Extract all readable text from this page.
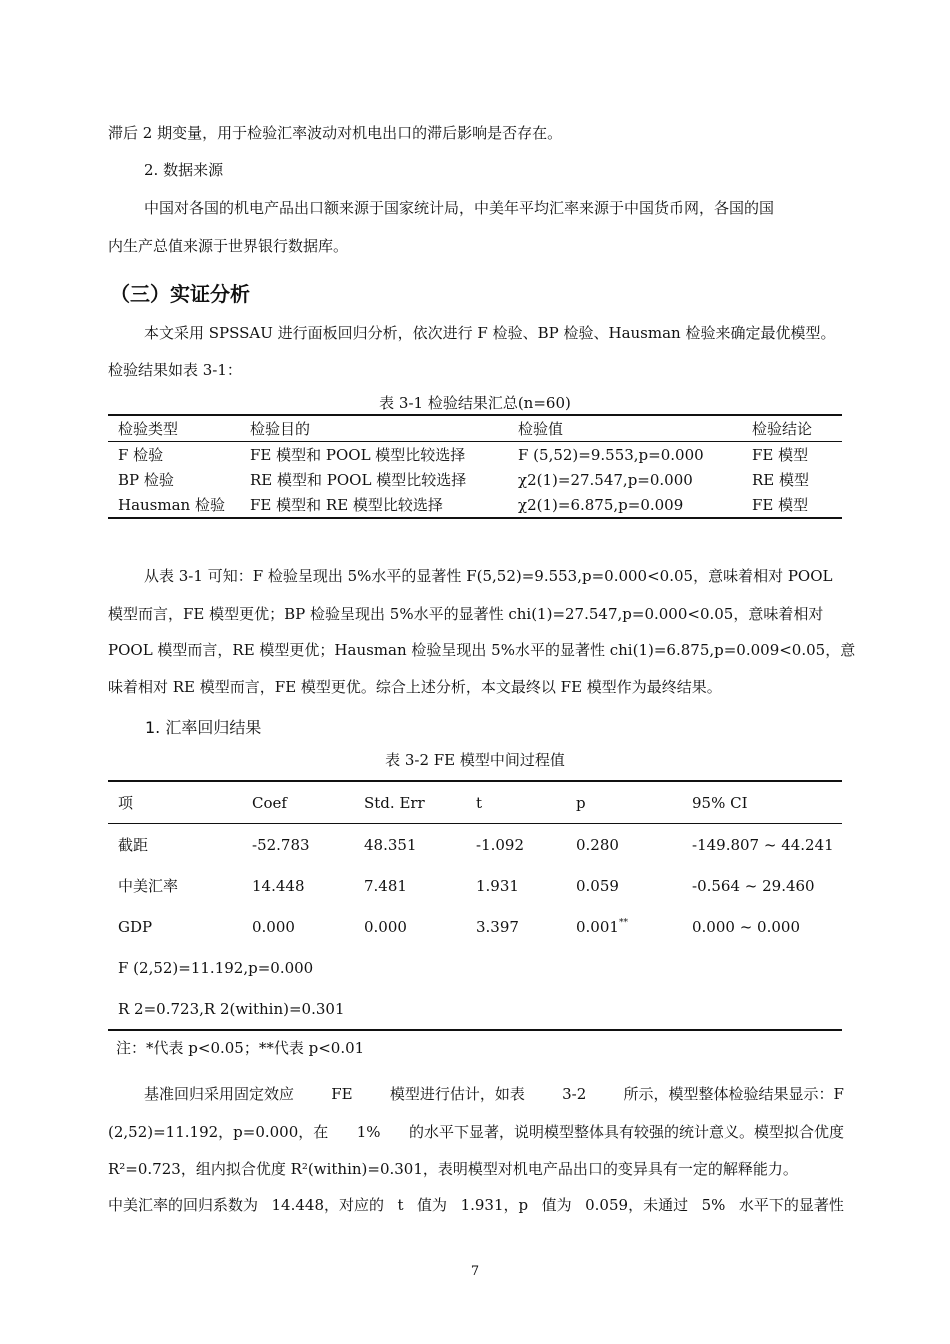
滞后 2 期变量，用于检验汇率波动对机电出口的滞后影响是否存在。
2. 数据来源
中国对各国的机电产品出口额来源于国家统计局，中美年平均汇率来源于中国货币网，各国的国
内生产总值来源于世界银行数据库。
（三）实证分析
本文采用 SPSSAU 进行面板回归分析，依次进行 F 检验、BP 检验、Hausman 检验来确定最优模型。
检验结果如表 3-1：
表 3-1 检验结果汇总(n=60)
检验类型	检验目的	检验值	检验结论
F 检验	FE 模型和 POOL 模型比较选择	F (5,52)=9.553,p=0.000	FE 模型
BP 检验	RE 模型和 POOL 模型比较选择	χ2(1)=27.547,p=0.000	RE 模型
Hausman 检验	FE 模型和 RE 模型比较选择	χ2(1)=6.875,p=0.009	FE 模型
从表 3-1 可知：F 检验呈现出 5%水平的显著性 F(5,52)=9.553,p=0.000<0.05，意味着相对 POOL
模型而言，FE 模型更优；BP 检验呈现出 5%水平的显著性 chi(1)=27.547,p=0.000<0.05，意味着相对
POOL 模型而言，RE 模型更优；Hausman 检验呈现出 5%水平的显著性 chi(1)=6.875,p=0.009<0.05，意
味着相对 RE 模型而言，FE 模型更优。综合上述分析，本文最终以 FE 模型作为最终结果。
1. 汇率回归结果
表 3-2 FE 模型中间过程值
项	Coef	Std. Err	t	p	95% CI
截距	-52.783	48.351	-1.092	0.280	-149.807 ~ 44.241
中美汇率	14.448	7.481	1.931	0.059	-0.564 ~ 29.460
GDP	0.000	0.000	3.397	0.001**	0.000 ~ 0.000
F (2,52)=11.192,p=0.000					
R 2=0.723,R 2(within)=0.301					
注：*代表 p<0.05；**代表 p<0.01
基准回归采用固定效应 FE 模型进行估计，如表 3-2 所示，模型整体检验结果显示：F
(2,52)=11.192，p=0.000，在 1% 的水平下显著，说明模型整体具有较强的统计意义。模型拟合优度
R²=0.723，组内拟合优度 R²(within)=0.301，表明模型对机电产品出口的变异具有一定的解释能力。
中美汇率的回归系数为 14.448，对应的 t 值为 1.931，p 值为 0.059，未通过 5% 水平下的显著性
7
